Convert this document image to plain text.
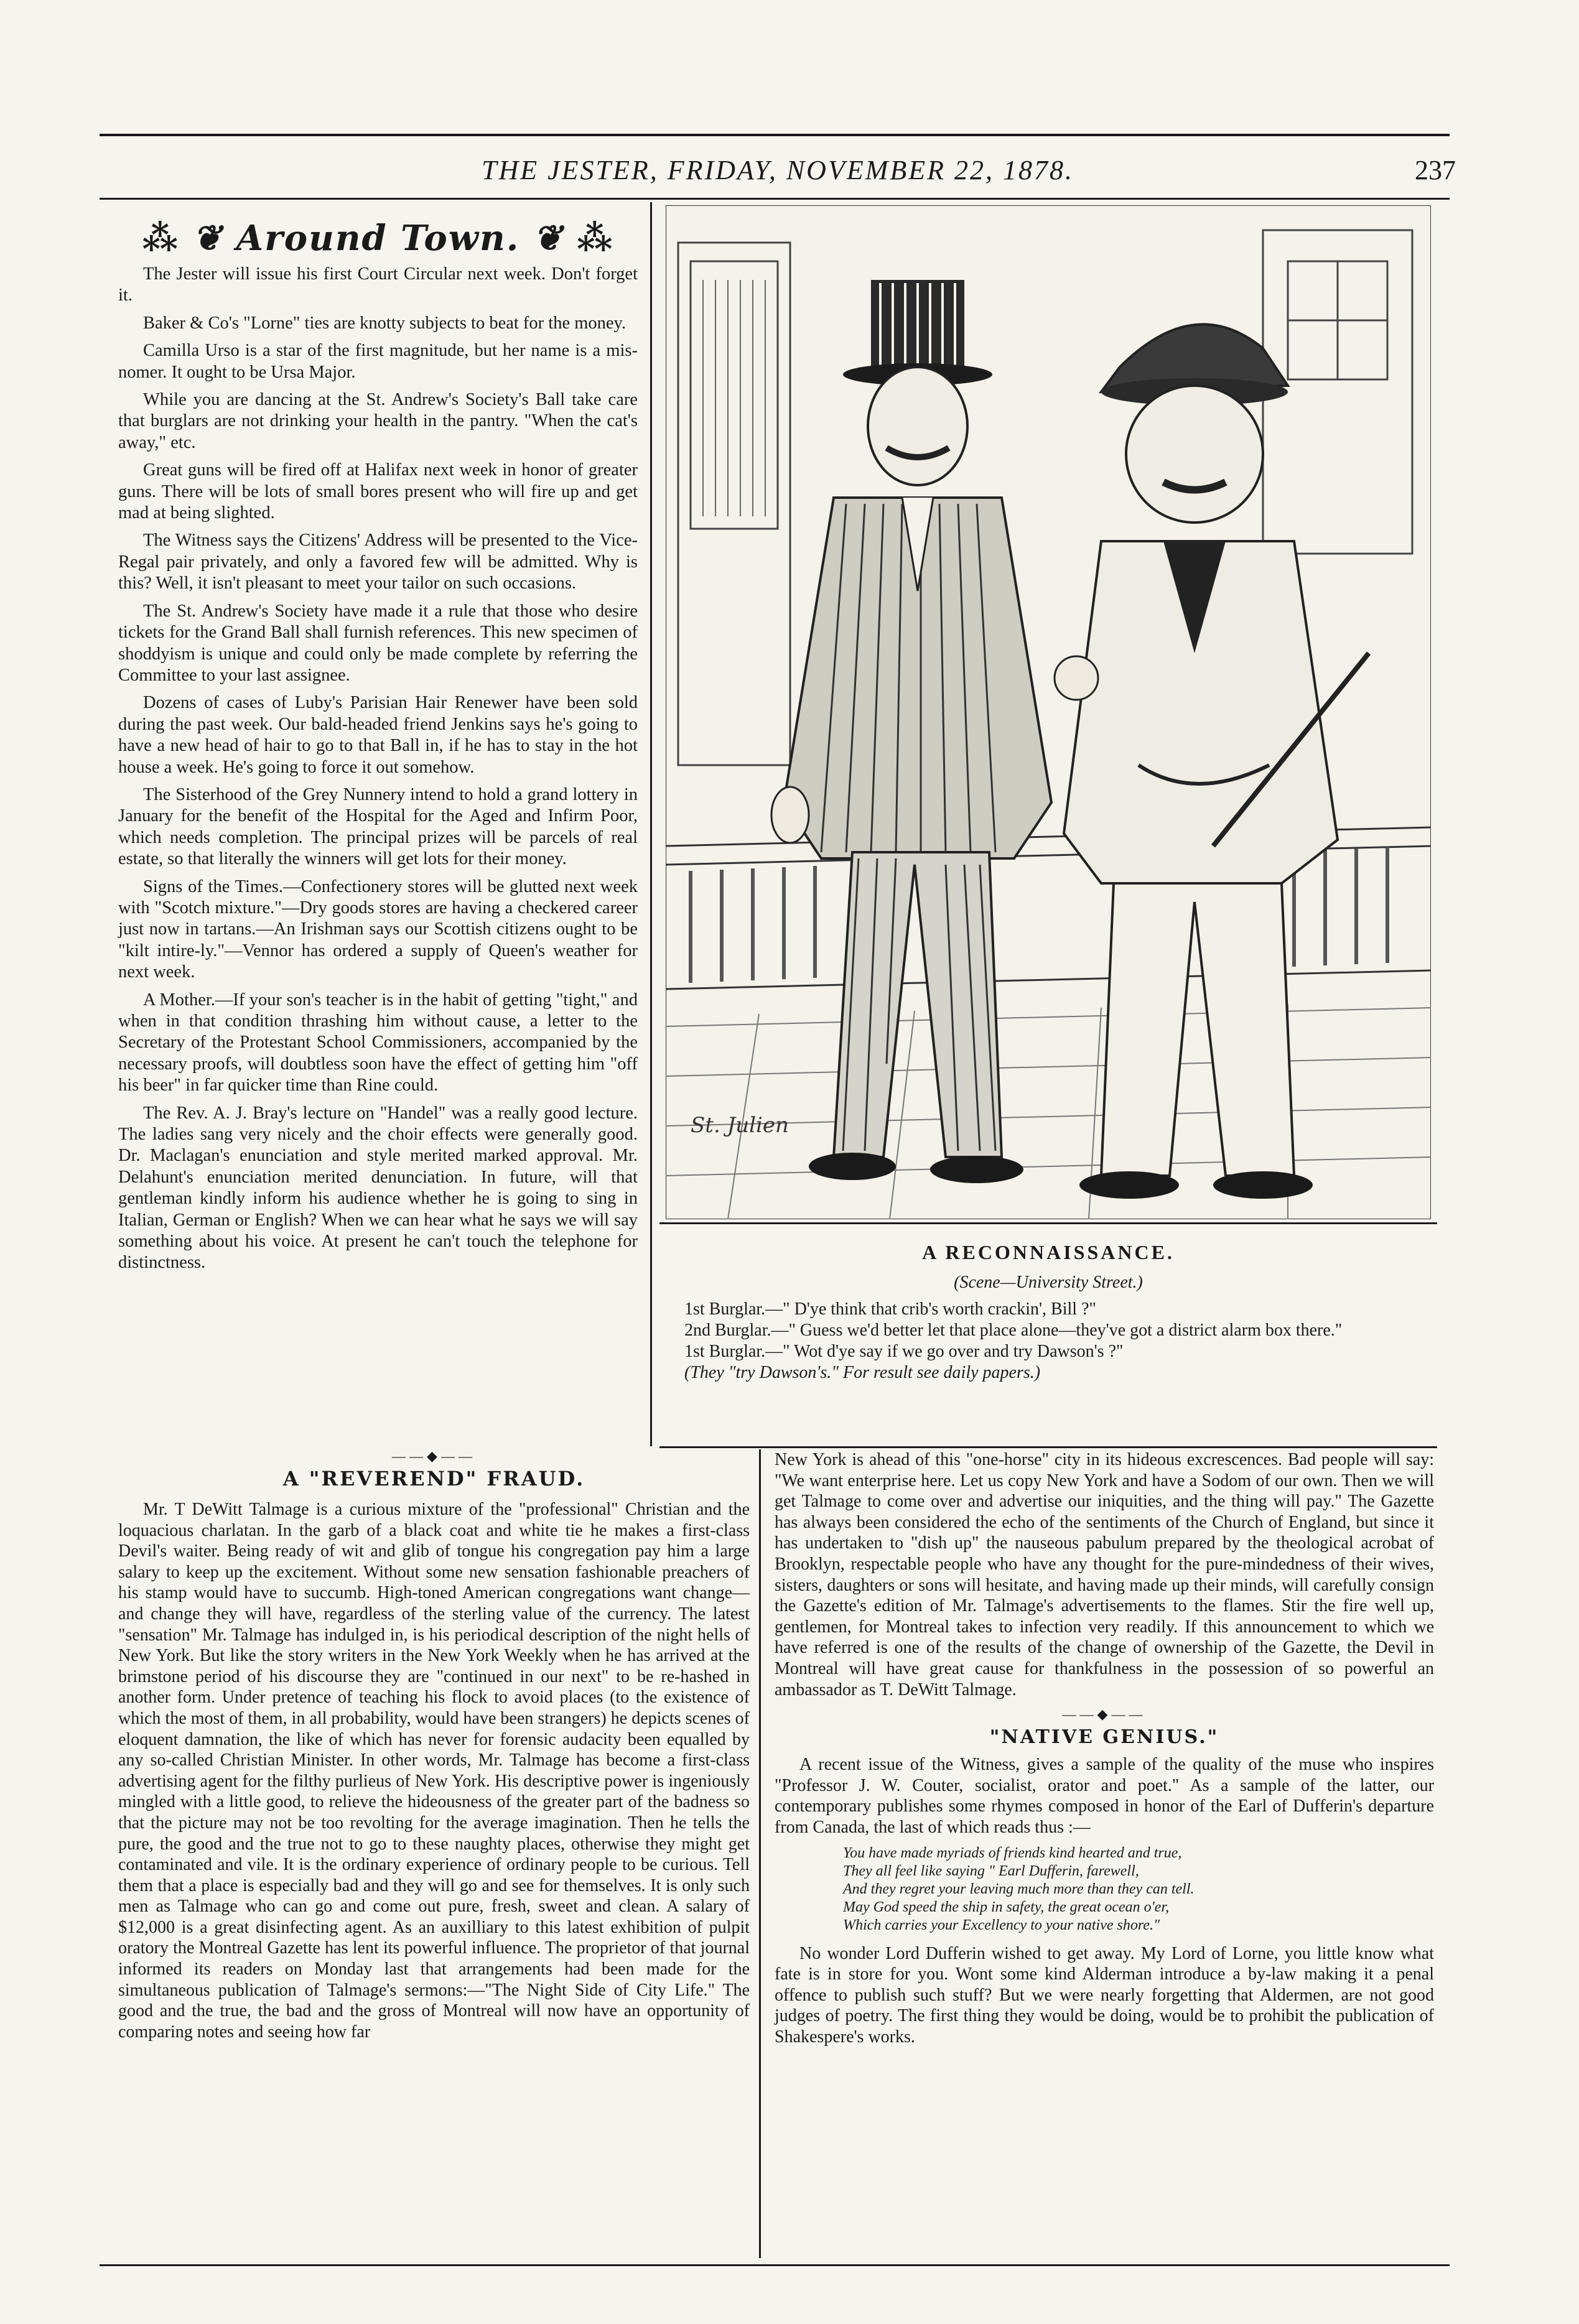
THE JESTER, FRIDAY, NOVEMBER 22, 1878.	237
⁂ ❦ Around Town. ❦ ⁂

The Jester will issue his first Court Circular next week. Don't forget it.

Baker & Co's "Lorne" ties are knotty subjects to beat for the money.

Camilla Urso is a star of the first magnitude, but her name is a mis-nomer. It ought to be Ursa Major.

While you are dancing at the St. Andrew's Society's Ball take care that burglars are not drinking your health in the pantry. "When the cat's away," etc.

Great guns will be fired off at Halifax next week in honor of greater guns. There will be lots of small bores present who will fire up and get mad at being slighted.

The Witness says the Citizens' Address will be presented to the Vice-Regal pair privately, and only a favored few will be admitted. Why is this? Well, it isn't pleasant to meet your tailor on such occasions.

The St. Andrew's Society have made it a rule that those who desire tickets for the Grand Ball shall furnish references. This new specimen of shoddyism is unique and could only be made complete by referring the Committee to your last assignee.

Dozens of cases of Luby's Parisian Hair Renewer have been sold during the past week. Our bald-headed friend Jenkins says he's going to have a new head of hair to go to that Ball in, if he has to stay in the hot house a week. He's going to force it out somehow.

The Sisterhood of the Grey Nunnery intend to hold a grand lottery in January for the benefit of the Hospital for the Aged and Infirm Poor, which needs completion. The principal prizes will be parcels of real estate, so that literally the winners will get lots for their money.

Signs of the Times.—Confectionery stores will be glutted next week with "Scotch mixture."—Dry goods stores are having a checkered career just now in tartans.—An Irishman says our Scottish citizens ought to be "kilt intire-ly."—Vennor has ordered a supply of Queen's weather for next week.

A Mother.—If your son's teacher is in the habit of getting "tight," and when in that condition thrashing him without cause, a letter to the Secretary of the Protestant School Commissioners, accompanied by the necessary proofs, will doubtless soon have the effect of getting him "off his beer" in far quicker time than Rine could.

The Rev. A. J. Bray's lecture on "Handel" was a really good lecture. The ladies sang very nicely and the choir effects were generally good. Dr. Maclagan's enunciation and style merited marked approval. Mr. Delahunt's enunciation merited denunciation. In future, will that gentleman kindly inform his audience whether he is going to sing in Italian, German or English? When we can hear what he says we will say something about his voice. At present he can't touch the telephone for distinctness.

St. Julien
A RECONNAISSANCE.
(Scene—University Street.)
1st Burglar.—" D'ye think that crib's worth crackin', Bill ?"
2nd Burglar.—" Guess we'd better let that place alone—they've got a district alarm box there."
1st Burglar.—" Wot d'ye say if we go over and try Dawson's ?"
(They "try Dawson's." For result see daily papers.)
——◆——
A "REVEREND" FRAUD.

Mr. T DeWitt Talmage is a curious mixture of the "professional" Christian and the loquacious charlatan. In the garb of a black coat and white tie he makes a first-class Devil's waiter. Being ready of wit and glib of tongue his congregation pay him a large salary to keep up the excitement. Without some new sensation fashionable preachers of his stamp would have to succumb. High-toned American congregations want change—and change they will have, regardless of the sterling value of the currency. The latest "sensation" Mr. Talmage has indulged in, is his periodical description of the night hells of New York. But like the story writers in the New York Weekly when he has arrived at the brimstone period of his discourse they are "continued in our next" to be re-hashed in another form. Under pretence of teaching his flock to avoid places (to the existence of which the most of them, in all probability, would have been strangers) he depicts scenes of eloquent damnation, the like of which has never for forensic audacity been equalled by any so-called Christian Minister. In other words, Mr. Talmage has become a first-class advertising agent for the filthy purlieus of New York. His descriptive power is ingeniously mingled with a little good, to relieve the hideousness of the greater part of the badness so that the picture may not be too revolting for the average imagination. Then he tells the pure, the good and the true not to go to these naughty places, otherwise they might get contaminated and vile. It is the ordinary experience of ordinary people to be curious. Tell them that a place is especially bad and they will go and see for themselves. It is only such men as Talmage who can go and come out pure, fresh, sweet and clean. A salary of $12,000 is a great disinfecting agent. As an auxilliary to this latest exhibition of pulpit oratory the Montreal Gazette has lent its powerful influence. The proprietor of that journal informed its readers on Monday last that arrangements had been made for the simultaneous publication of Talmage's sermons:—"The Night Side of City Life." The good and the true, the bad and the gross of Montreal will now have an opportunity of comparing notes and seeing how far

New York is ahead of this "one-horse" city in its hideous excrescences. Bad people will say: "We want enterprise here. Let us copy New York and have a Sodom of our own. Then we will get Talmage to come over and advertise our iniquities, and the thing will pay." The Gazette has always been considered the echo of the sentiments of the Church of England, but since it has undertaken to "dish up" the nauseous pabulum prepared by the theological acrobat of Brooklyn, respectable people who have any thought for the pure-mindedness of their wives, sisters, daughters or sons will hesitate, and having made up their minds, will carefully consign the Gazette's edition of Mr. Talmage's advertisements to the flames. Stir the fire well up, gentlemen, for Montreal takes to infection very readily. If this announcement to which we have referred is one of the results of the change of ownership of the Gazette, the Devil in Montreal will have great cause for thankfulness in the possession of so powerful an ambassador as T. DeWitt Talmage.

——◆——
"NATIVE GENIUS."

A recent issue of the Witness, gives a sample of the quality of the muse who inspires "Professor J. W. Couter, socialist, orator and poet." As a sample of the latter, our contemporary publishes some rhymes composed in honor of the Earl of Dufferin's departure from Canada, the last of which reads thus :—

You have made myriads of friends kind hearted and true,
They all feel like saying " Earl Dufferin, farewell,
And they regret your leaving much more than they can tell.
May God speed the ship in safety, the great ocean o'er,
Which carries your Excellency to your native shore."

No wonder Lord Dufferin wished to get away. My Lord of Lorne, you little know what fate is in store for you. Wont some kind Alderman introduce a by-law making it a penal offence to publish such stuff? But we were nearly forgetting that Aldermen, are not good judges of poetry. The first thing they would be doing, would be to prohibit the publication of Shakespere's works.
